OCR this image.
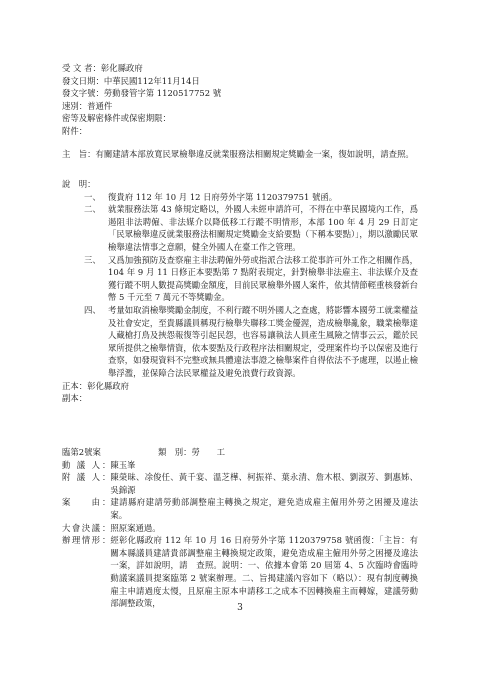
受 文 者：彰化縣政府
發文日期：中華民國112年11月14日
發文字號：勞動發管字第 1120517752 號
速別：普通件
密等及解密條件或保密期限：
附件：
主　旨： 有關建請本部放寬民眾檢舉違反就業服務法相關規定獎勵金一案，復如說明，請查照。
說　明：
一、 復貴府 112 年 10 月 12 日府勞外字第 1120379751 號函。
二、 就業服務法第 43 條規定略以，外國人未經申請許可，不得在中華民國境內工作，爲遏阻非法聘僱、非法媒介以降低移工行蹤不明情形，本部 100 年 4 月 29 日訂定「民眾檢舉違反就業服務法相關規定獎勵金支給要點（下稱本要點）」，期以激勵民眾檢舉違法情事之意願，健全外國人在臺工作之管理。
三、 又爲加強預防及查察雇主非法聘僱外勞或指派合法移工從事許可外工作之相關作爲，104 年 9 月 11 日修正本要點第 7 點附表規定，針對檢舉非法雇主、非法媒介及查獲行蹤不明人數提高獎勵金額度，目前民眾檢舉外國人案件，依其情節輕重核發新台幣 5 千元至 7 萬元不等獎勵金。
四、 考量如取消檢舉獎勵金制度，不利行蹤不明外國人之查處，將影響本國勞工就業權益及社會安定，至貴縣議員稱現行檢舉失聯移工獎金優渥，造成檢舉亂象，職業檢舉達人藏槍打鳥及挾怨報復等引起民怨，也容易讓執法人員產生風險之情事云云，鑑於民眾所提供之檢舉情資，依本要點及行政程序法相關規定，受理案件均予以保密及進行查察，如發現資料不完整或無具體違法事證之檢舉案件自得依法不予處理，以遏止檢舉浮濫，並保障合法民眾權益及避免浪費行政資源。
正本：彰化縣政府
副本：
臨第2號案	類　別：勞　　工
動議人 ： 陳玉峯
附議人 ： 陳榮昧、凃俊任、黃千宴、溫芝樺、柯振祥、葉永清、詹木根、劉淑芳、劉惠姊、吳錦源
案由 ： 建請縣府建請勞動部調整雇主轉換之規定，避免造成雇主僱用外勞之困擾及違法案。
大會決議 ： 照原案通過。
辦理情形 ： 經彰化縣政府 112 年 10 月 16 日府勞外字第 1120379758 號函復：「主旨：有關本縣議員建請貴部調整雇主轉換規定政策，避免造成雇主僱用外勞之困擾及違法一案，詳如說明，請　查照。說明：一、依據本會第 20 屆第 4、5 次臨時會臨時動議案議員提案臨第 2 號案辦理。二、旨揭建議內容如下（略以）：現有制度轉換雇主申請過度太慢，且原雇主原本申請移工之成本不因轉換雇主而轉嫁，建議勞動部調整政策，	3
